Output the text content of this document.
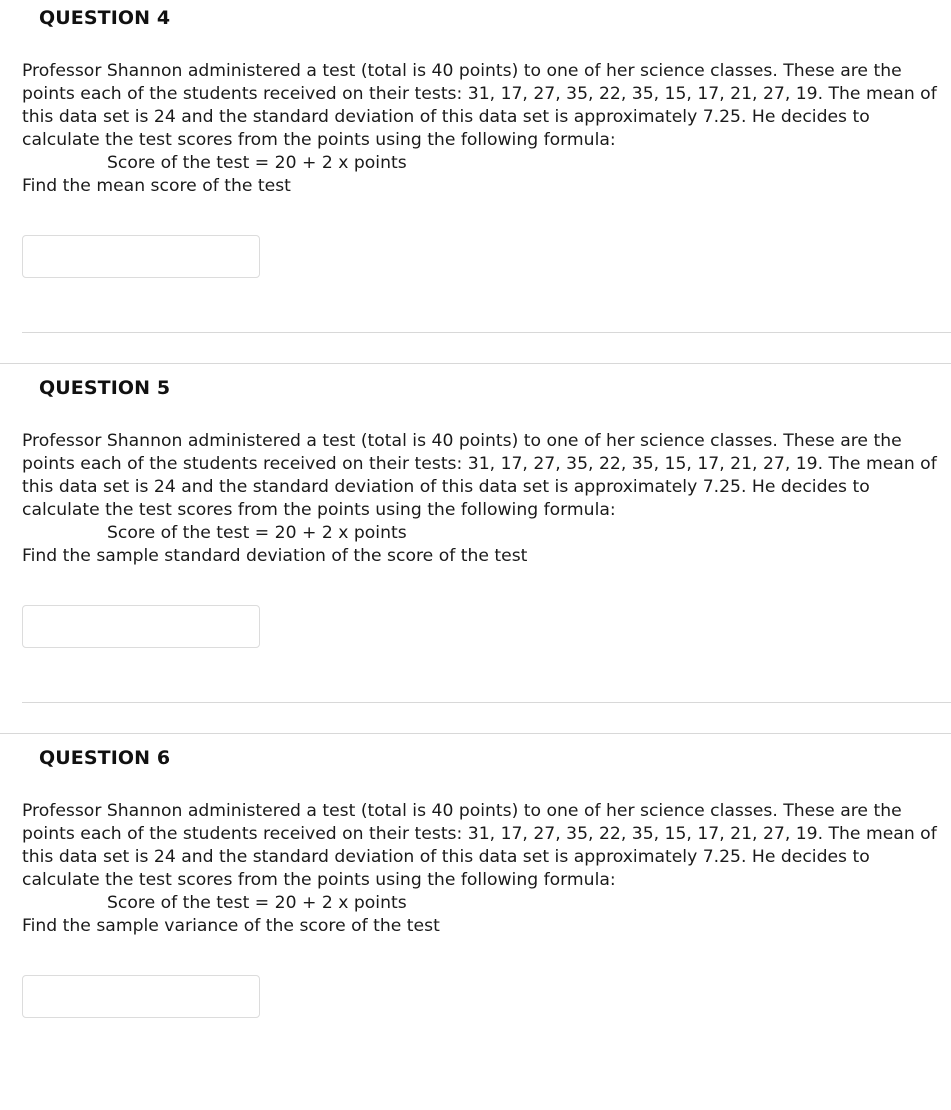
QUESTION 4

Professor Shannon administered a test (total is 40 points) to one of her science classes. These are the points each of the students received on their tests: 31, 17, 27, 35, 22, 35, 15, 17, 21, 27, 19. The mean of this data set is 24 and the standard deviation of this data set is approximately 7.25. He decides to calculate the test scores from the points using the following formula:

Score of the test = 20 + 2 x points

Find the mean score of the test

QUESTION 5

Professor Shannon administered a test (total is 40 points) to one of her science classes. These are the points each of the students received on their tests: 31, 17, 27, 35, 22, 35, 15, 17, 21, 27, 19. The mean of this data set is 24 and the standard deviation of this data set is approximately 7.25. He decides to calculate the test scores from the points using the following formula:

Score of the test = 20 + 2 x points

Find the sample standard deviation of the score of the test

QUESTION 6

Professor Shannon administered a test (total is 40 points) to one of her science classes. These are the points each of the students received on their tests: 31, 17, 27, 35, 22, 35, 15, 17, 21, 27, 19. The mean of this data set is 24 and the standard deviation of this data set is approximately 7.25. He decides to calculate the test scores from the points using the following formula:

Score of the test = 20 + 2 x points

Find the sample variance of the score of the test
